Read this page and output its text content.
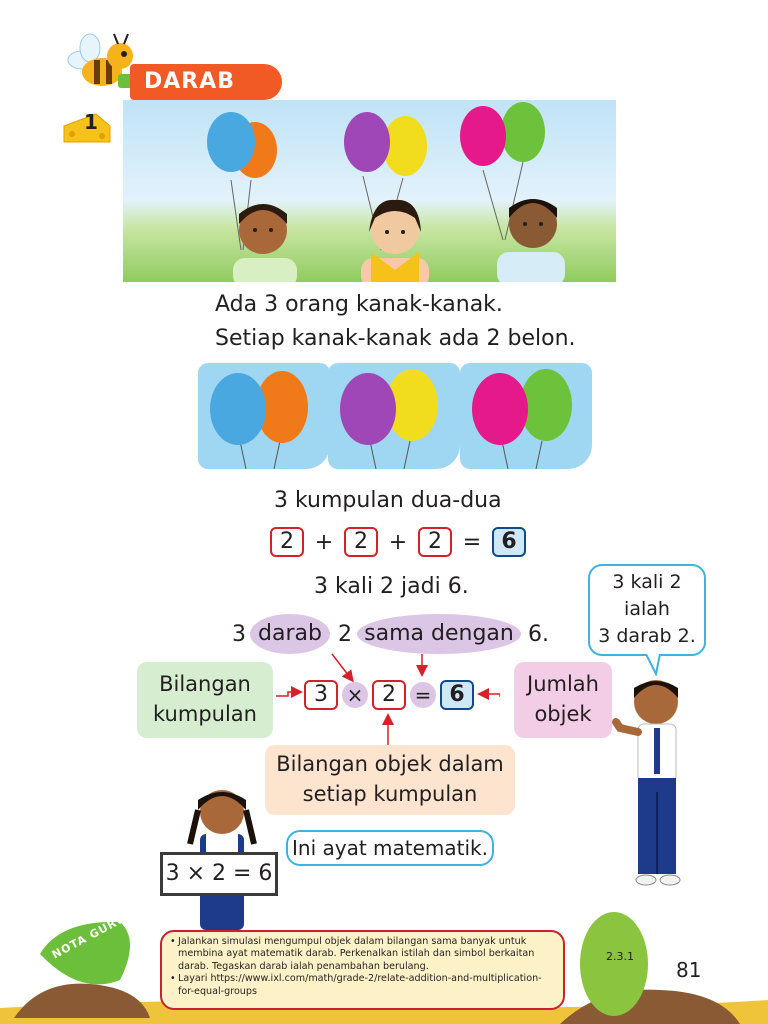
DARAB
1
Ada 3 orang kanak-kanak.
Setiap kanak-kanak ada 2 belon.
3 kumpulan dua-dua
2 + 2 + 2 = 6
3 kali 2 jadi 6.
3 darab 2 sama dengan 6.
3 × 2 = 6
Bilangan
kumpulan
Jumlah
objek
Bilangan objek dalam
setiap kumpulan
3 kali 2
ialah
3 darab 2.
Ini ayat matematik.
3 × 2 = 6
NOTA GURU
•	Jalankan simulasi mengumpul objek dalam bilangan sama banyak untuk membina ayat matematik darab. Perkenalkan istilah dan simbol berkaitan darab. Tegaskan darab ialah penambahan berulang.
• Layari https://www.ixl.com/math/grade-2/relate-addition-and-multiplication-for-equal-groups
2.3.1
81
